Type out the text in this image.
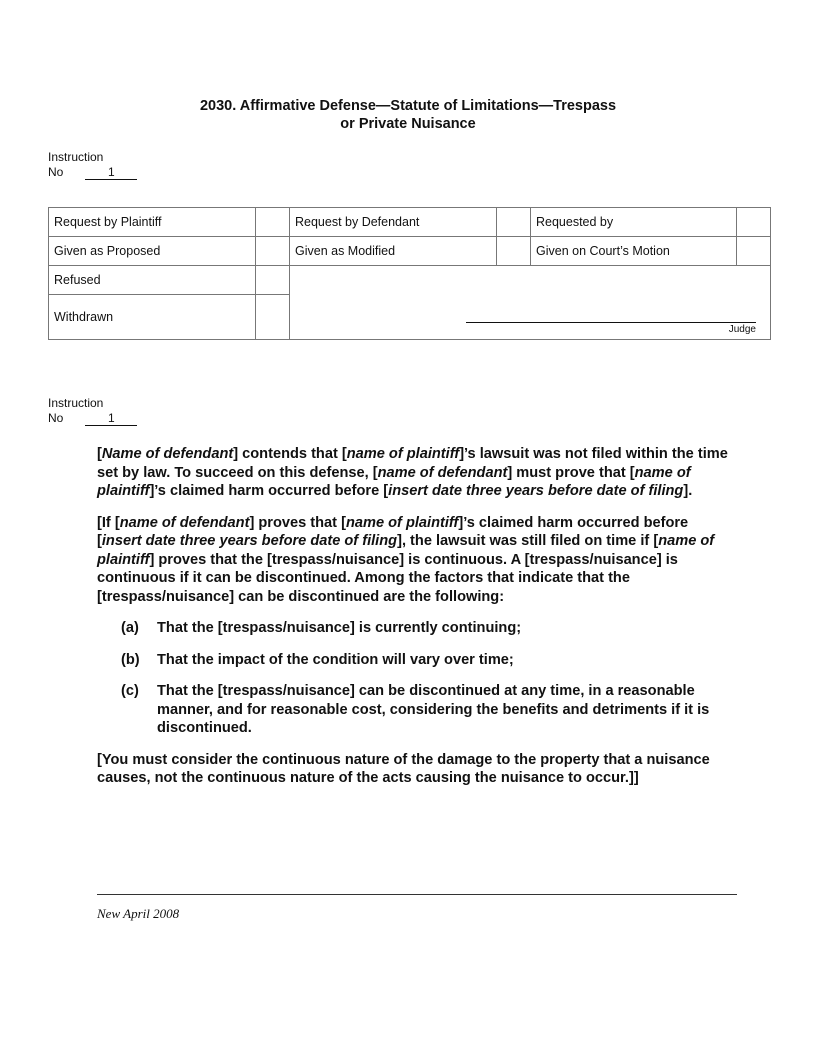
2030. Affirmative Defense—Statute of Limitations—Trespass
or Private Nuisance
Instruction
No	1
Request by Plaintiff		Request by Defendant		Requested by	
Given as Proposed		Given as Modified		Given on Court’s Motion	
Refused		Judge			

Withdrawn					
Instruction
No	1

[Name of defendant] contends that [name of plaintiff]’s lawsuit was not filed within the time set by law. To succeed on this defense, [name of defendant] must prove that [name of plaintiff]’s claimed harm occurred before [insert date three years before date of filing].

[If [name of defendant] proves that [name of plaintiff]’s claimed harm occurred before [insert date three years before date of filing], the lawsuit was still filed on time if [name of plaintiff] proves that the [trespass/nuisance] is continuous. A [trespass/nuisance] is continuous if it can be discontinued. Among the factors that indicate that the [trespass/nuisance] can be discontinued are the following:

(a)	That the [trespass/nuisance] is currently continuing;
(b)	That the impact of the condition will vary over time;
(c)	That the [trespass/nuisance] can be discontinued at any time, in a reasonable manner, and for reasonable cost, considering the benefits and detriments if it is discontinued.

[You must consider the continuous nature of the damage to the property that a nuisance causes, not the continuous nature of the acts causing the nuisance to occur.]]

New April 2008
